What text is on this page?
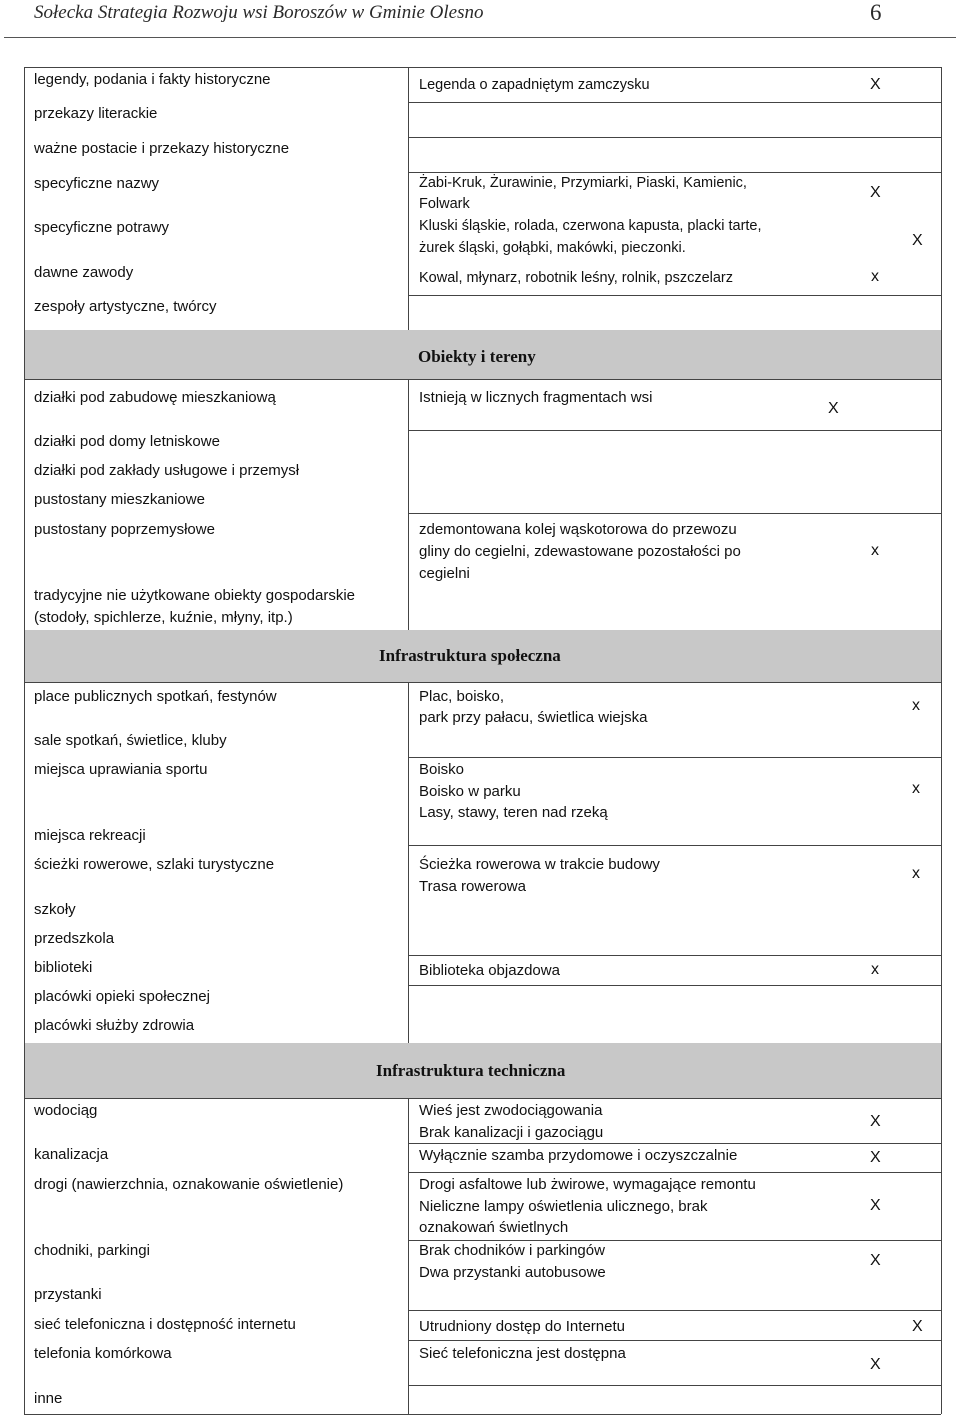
Sołecka Strategia Rozwoju wsi Boroszów w Gminie Olesno	6
Obiekty i tereny
Infrastruktura społeczna
Infrastruktura techniczna
legendy, podania i fakty historyczne
przekazy literackie
ważne postacie i przekazy historyczne
specyficzne nazwy
specyficzne potrawy
dawne zawody
zespoły artystyczne, twórcy
Legenda o zapadniętym zamczysku
Żabi-Kruk, Żurawinie, Przymiarki, Piaski, Kamienic,
Folwark
Kluski śląskie, rolada, czerwona kapusta, placki tarte,
żurek śląski, gołąbki, makówki, pieczonki.
Kowal, młynarz, robotnik leśny, rolnik, pszczelarz
X
X
X
x
działki pod zabudowę mieszkaniową
działki pod domy letniskowe
działki pod zakłady usługowe i przemysł
pustostany mieszkaniowe
pustostany poprzemysłowe
tradycyjne nie użytkowane obiekty gospodarskie
(stodoły, spichlerze, kuźnie, młyny, itp.)
Istnieją w licznych fragmentach wsi
zdemontowana kolej wąskotorowa do przewozu
gliny do cegielni, zdewastowane pozostałości po
cegielni
X
x
place publicznych spotkań, festynów
sale spotkań, świetlice, kluby
miejsca uprawiania sportu
miejsca rekreacji
ścieżki rowerowe, szlaki turystyczne
szkoły
przedszkola
biblioteki
placówki opieki społecznej
placówki służby zdrowia
Plac, boisko,
park przy pałacu, świetlica wiejska
Boisko
Boisko w parku
Lasy, stawy, teren nad rzeką
Ścieżka rowerowa w trakcie budowy
Trasa rowerowa
Biblioteka objazdowa
x
x
x
x
wodociąg
kanalizacja
drogi (nawierzchnia, oznakowanie oświetlenie)
chodniki, parkingi
przystanki
sieć telefoniczna i dostępność internetu
telefonia komórkowa
inne
Wieś jest zwodociągowania
Brak kanalizacji i gazociągu
Wyłącznie szamba przydomowe i oczyszczalnie
Drogi asfaltowe lub żwirowe, wymagające remontu
Nieliczne lampy oświetlenia ulicznego, brak
oznakowań świetlnych
Brak chodników i parkingów
Dwa przystanki autobusowe
Utrudniony dostęp do Internetu
Sieć telefoniczna jest dostępna
X
X
X
X
X
X
